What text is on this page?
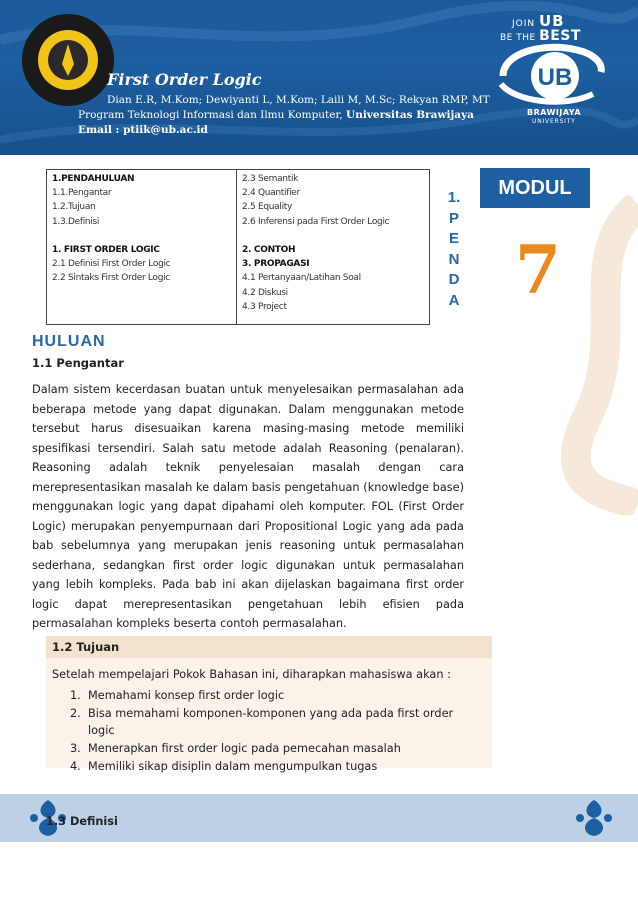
First Order Logic
Dian E.R, M.Kom; Dewiyanti L, M.Kom; Laili M, M.Sc; Rekyan RMP, MT
Program Teknologi Informasi dan Ilmu Komputer, Universitas Brawijaya
Email : ptiik@ub.ac.id
JOIN UB
BE THE BEST
UB
BRAWIJAYA
UNIVERSITY
MODUL
7
1.PENDAHULUAN
1.1.Pengantar
1.2.Tujuan
1.3.Definisi
1. FIRST ORDER LOGIC
2.1 Definisi First Order Logic
2.2 Sintaks First Order Logic
2.3 Semantik
2.4 Quantifier
2.5 Equality
2.6 Inferensi pada First Order Logic
2. CONTOH
3. PROPAGASI
4.1 Pertanyaan/Latihan Soal
4.2 Diskusi
4.3 Project
1.
P
E
N
D
A
HULUAN
1.1 Pengantar
Dalam sistem kecerdasan buatan untuk menyelesaikan permasalahan ada beberapa metode yang dapat digunakan. Dalam menggunakan metode tersebut harus disesuaikan karena masing-masing metode memiliki spesifikasi tersendiri. Salah satu metode adalah Reasoning (penalaran). Reasoning adalah teknik penyelesaian masalah dengan cara merepresentasikan masalah ke dalam basis pengetahuan (knowledge base) menggunakan logic yang dapat dipahami oleh komputer. FOL (First Order Logic) merupakan penyempurnaan dari Propositional Logic yang ada pada bab sebelumnya yang merupakan jenis reasoning untuk permasalahan sederhana, sedangkan first order logic digunakan untuk permasalahan yang lebih kompleks. Pada bab ini akan dijelaskan bagaimana first order logic dapat merepresentasikan pengetahuan lebih efisien pada permasalahan kompleks beserta contoh permasalahan.
1.2 Tujuan
Setelah mempelajari Pokok Bahasan ini, diharapkan mahasiswa akan :
1. Memahami konsep first order logic
2. Bisa memahami komponen-komponen yang ada pada first order logic
3. Menerapkan first order logic pada pemecahan masalah
4. Memiliki sikap disiplin dalam mengumpulkan tugas
1.3 Definisi
